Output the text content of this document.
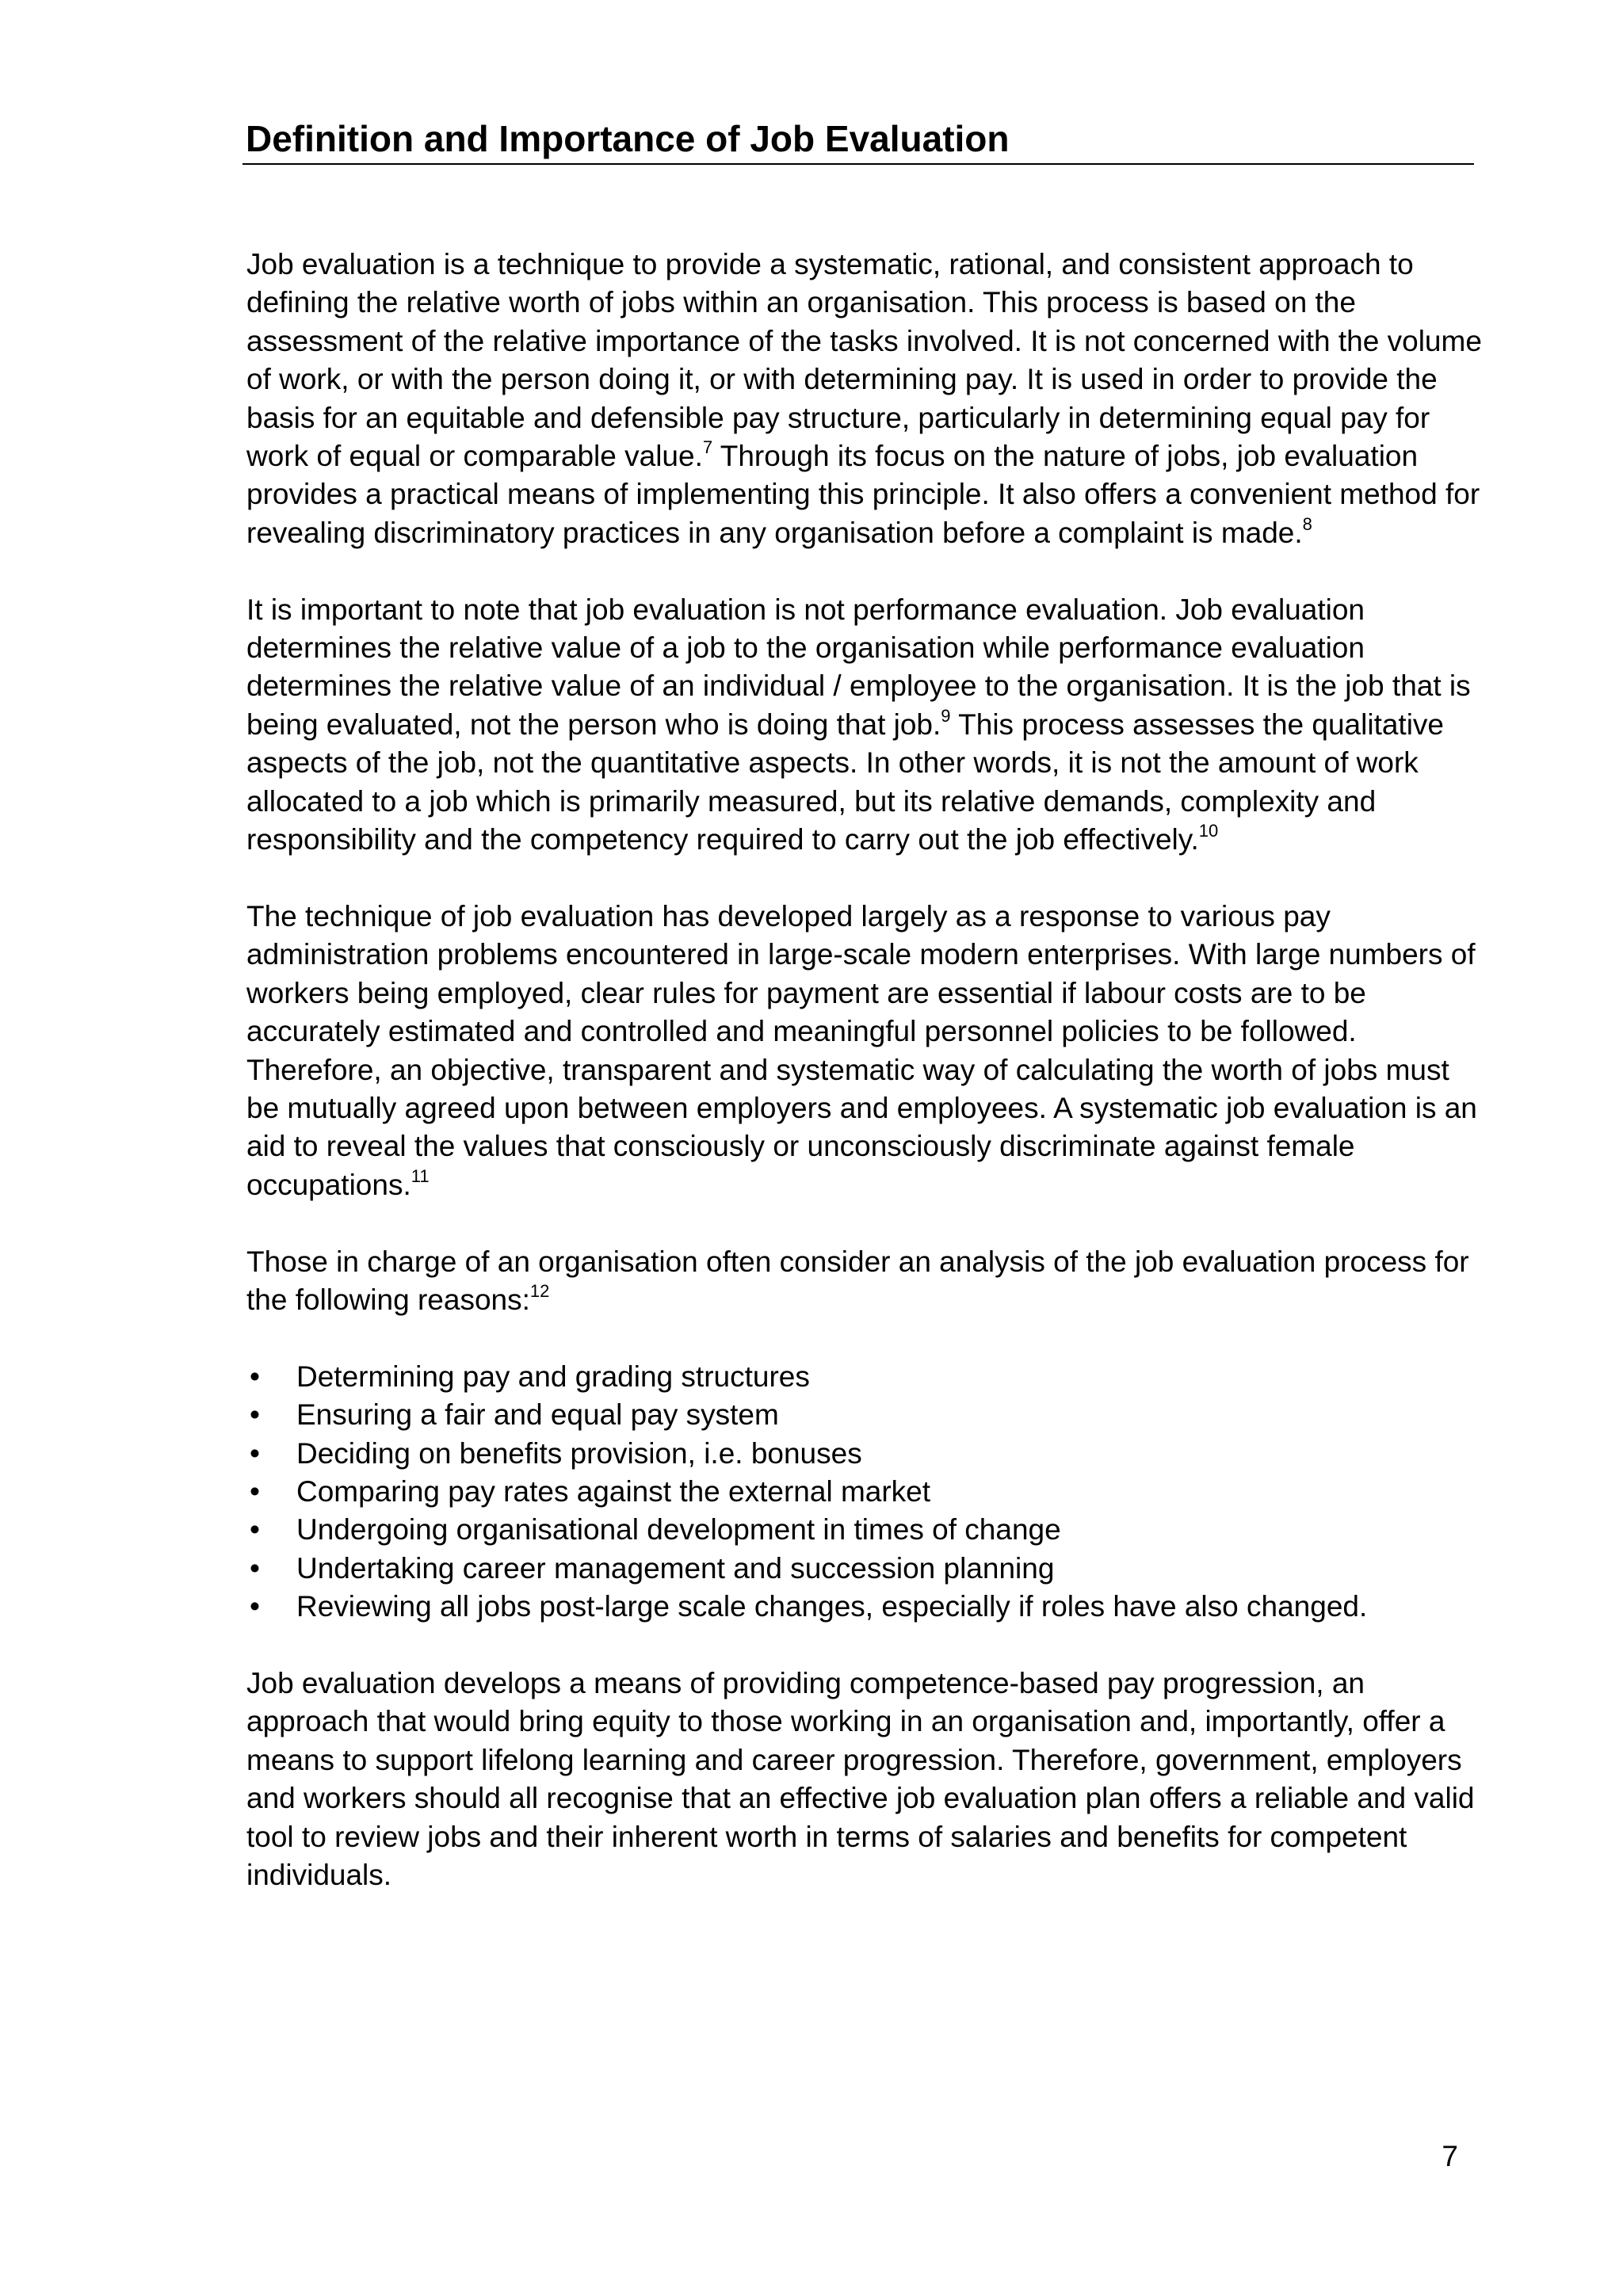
Definition and Importance of Job Evaluation

Job evaluation is a technique to provide a systematic, rational, and consistent approach to defining the relative worth of jobs within an organisation. This process is based on the assessment of the relative importance of the tasks involved. It is not concerned with the volume of work, or with the person doing it, or with determining pay. It is used in order to provide the basis for an equitable and defensible pay structure, particularly in determining equal pay for work of equal or comparable value.$^7$ Through its focus on the nature of jobs, job evaluation provides a practical means of implementing this principle. It also offers a convenient method for revealing discriminatory practices in any organisation before a complaint is made.$^8$

It is important to note that job evaluation is not performance evaluation. Job evaluation determines the relative value of a job to the organisation while performance evaluation determines the relative value of an individual / employee to the organisation. It is the job that is being evaluated, not the person who is doing that job.$^9$ This process assesses the qualitative aspects of the job, not the quantitative aspects. In other words, it is not the amount of work allocated to a job which is primarily measured, but its relative demands, complexity and responsibility and the competency required to carry out the job effectively.$^{10}$

The technique of job evaluation has developed largely as a response to various pay administration problems encountered in large-scale modern enterprises. With large numbers of workers being employed, clear rules for payment are essential if labour costs are to be accurately estimated and controlled and meaningful personnel policies to be followed. Therefore, an objective, transparent and systematic way of calculating the worth of jobs must be mutually agreed upon between employers and employees. A systematic job evaluation is an aid to reveal the values that consciously or unconsciously discriminate against female occupations.$^{11}$

Those in charge of an organisation often consider an analysis of the job evaluation process for the following reasons:$^{12}$

• Determining pay and grading structures
• Ensuring a fair and equal pay system
• Deciding on benefits provision, i.e. bonuses
• Comparing pay rates against the external market
• Undergoing organisational development in times of change
• Undertaking career management and succession planning
• Reviewing all jobs post-large scale changes, especially if roles have also changed.

Job evaluation develops a means of providing competence-based pay progression, an approach that would bring equity to those working in an organisation and, importantly, offer a means to support lifelong learning and career progression. Therefore, government, employers and workers should all recognise that an effective job evaluation plan offers a reliable and valid tool to review jobs and their inherent worth in terms of salaries and benefits for competent individuals.

7
